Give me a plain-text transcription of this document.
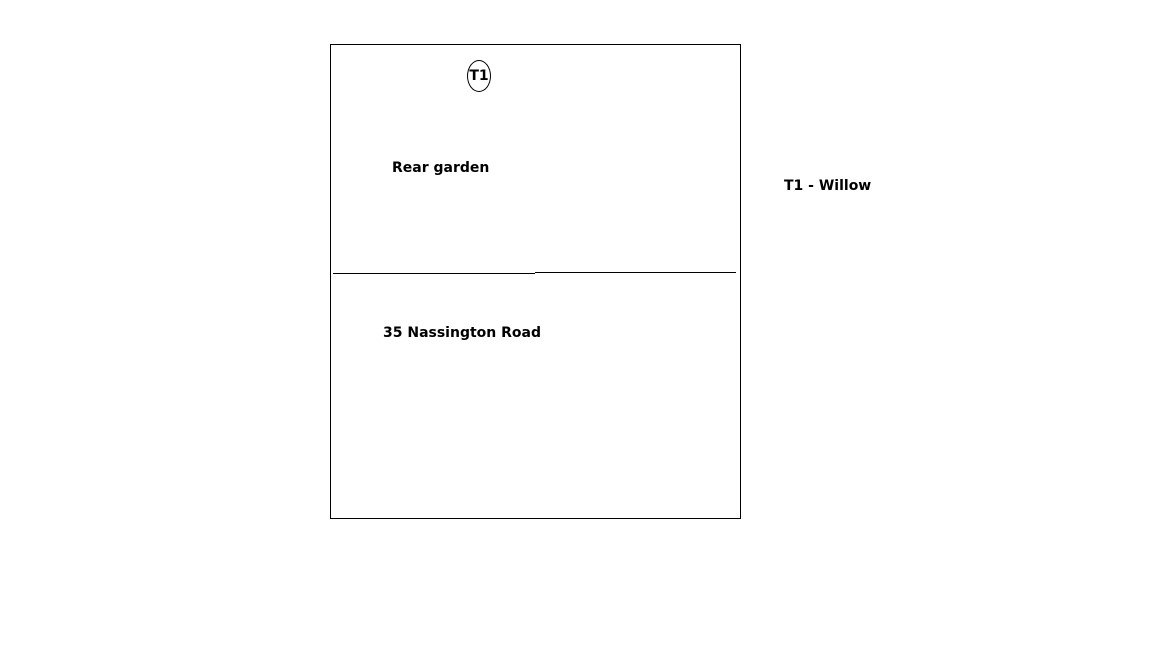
T1
Rear garden
35 Nassington Road
T1 - Willow
